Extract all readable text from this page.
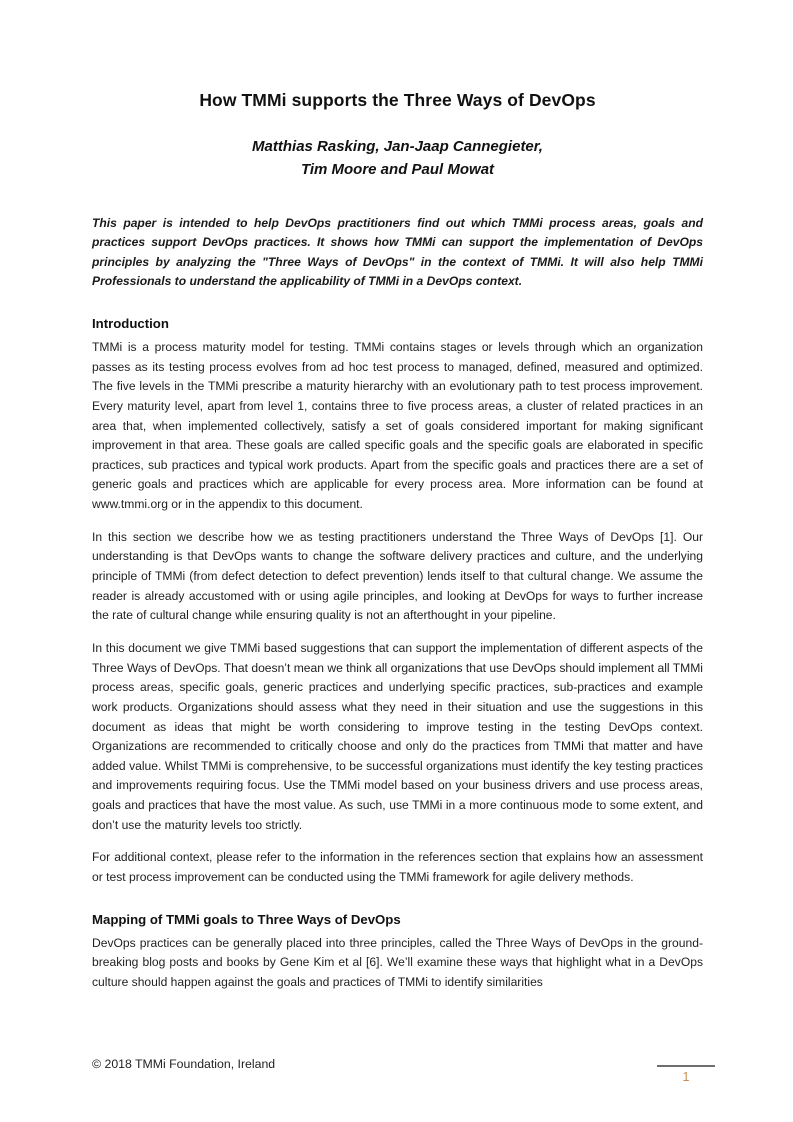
How TMMi supports the Three Ways of DevOps
Matthias Rasking, Jan-Jaap Cannegieter,
Tim Moore and Paul Mowat

This paper is intended to help DevOps practitioners find out which TMMi process areas, goals and practices support DevOps practices. It shows how TMMi can support the implementation of DevOps principles by analyzing the "Three Ways of DevOps" in the context of TMMi. It will also help TMMi Professionals to understand the applicability of TMMi in a DevOps context.

Introduction

TMMi is a process maturity model for testing. TMMi contains stages or levels through which an organization passes as its testing process evolves from ad hoc test process to managed, defined, measured and optimized. The five levels in the TMMi prescribe a maturity hierarchy with an evolutionary path to test process improvement. Every maturity level, apart from level 1, contains three to five process areas, a cluster of related practices in an area that, when implemented collectively, satisfy a set of goals considered important for making significant improvement in that area. These goals are called specific goals and the specific goals are elaborated in specific practices, sub practices and typical work products. Apart from the specific goals and practices there are a set of generic goals and practices which are applicable for every process area. More information can be found at www.tmmi.org or in the appendix to this document.

In this section we describe how we as testing practitioners understand the Three Ways of DevOps [1]. Our understanding is that DevOps wants to change the software delivery practices and culture, and the underlying principle of TMMi (from defect detection to defect prevention) lends itself to that cultural change. We assume the reader is already accustomed with or using agile principles, and looking at DevOps for ways to further increase the rate of cultural change while ensuring quality is not an afterthought in your pipeline.

In this document we give TMMi based suggestions that can support the implementation of different aspects of the Three Ways of DevOps. That doesn’t mean we think all organizations that use DevOps should implement all TMMi process areas, specific goals, generic practices and underlying specific practices, sub-practices and example work products. Organizations should assess what they need in their situation and use the suggestions in this document as ideas that might be worth considering to improve testing in the testing DevOps context. Organizations are recommended to critically choose and only do the practices from TMMi that matter and have added value. Whilst TMMi is comprehensive, to be successful organizations must identify the key testing practices and improvements requiring focus. Use the TMMi model based on your business drivers and use process areas, goals and practices that have the most value. As such, use TMMi in a more continuous mode to some extent, and don’t use the maturity levels too strictly.

For additional context, please refer to the information in the references section that explains how an assessment or test process improvement can be conducted using the TMMi framework for agile delivery methods.

Mapping of TMMi goals to Three Ways of DevOps

DevOps practices can be generally placed into three principles, called the Three Ways of DevOps in the ground-breaking blog posts and books by Gene Kim et al [6]. We’ll examine these ways that highlight what in a DevOps culture should happen against the goals and practices of TMMi to identify similarities

© 2018 TMMi Foundation, Ireland
1
